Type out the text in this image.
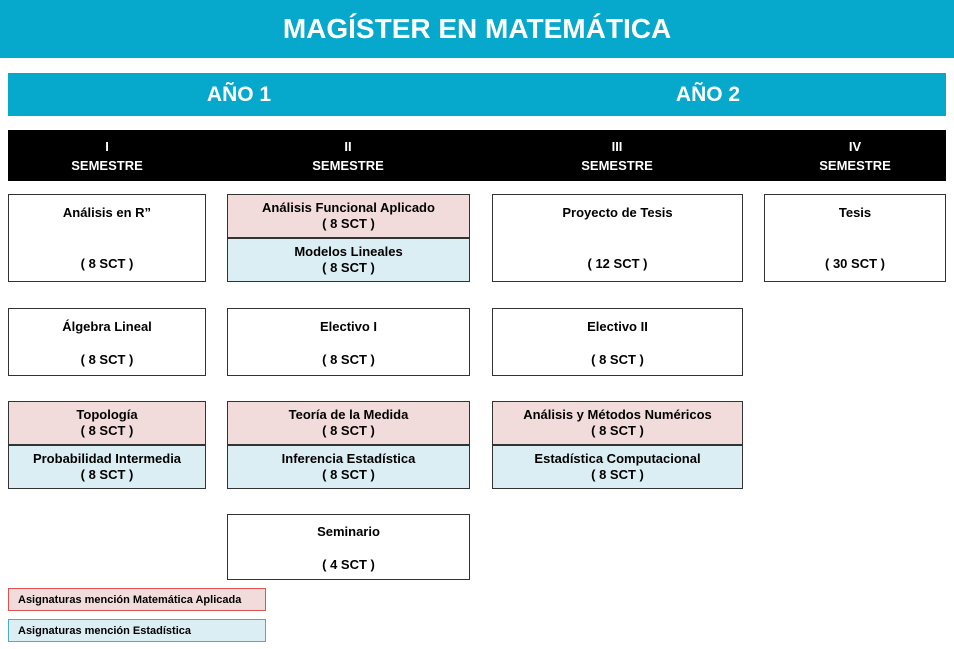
MAGÍSTER EN MATEMÁTICA
AÑO 1	AÑO 2
I
SEMESTRE
II
SEMESTRE
III
SEMESTRE
IV
SEMESTRE
Análisis en R”
( 8 SCT )
Álgebra Lineal
( 8 SCT )
Topología
( 8 SCT )
Probabilidad Intermedia
( 8 SCT )
Análisis Funcional Aplicado
( 8 SCT )
Modelos Lineales
( 8 SCT )
Electivo I
( 8 SCT )
Teoría de la Medida
( 8 SCT )
Inferencia Estadística
( 8 SCT )
Seminario
( 4 SCT )
Proyecto de Tesis
( 12 SCT )
Electivo II
( 8 SCT )
Análisis y Métodos Numéricos
( 8 SCT )
Estadística Computacional
( 8 SCT )
Tesis
( 30 SCT )
Asignaturas mención Matemática Aplicada
Asignaturas mención Estadística
